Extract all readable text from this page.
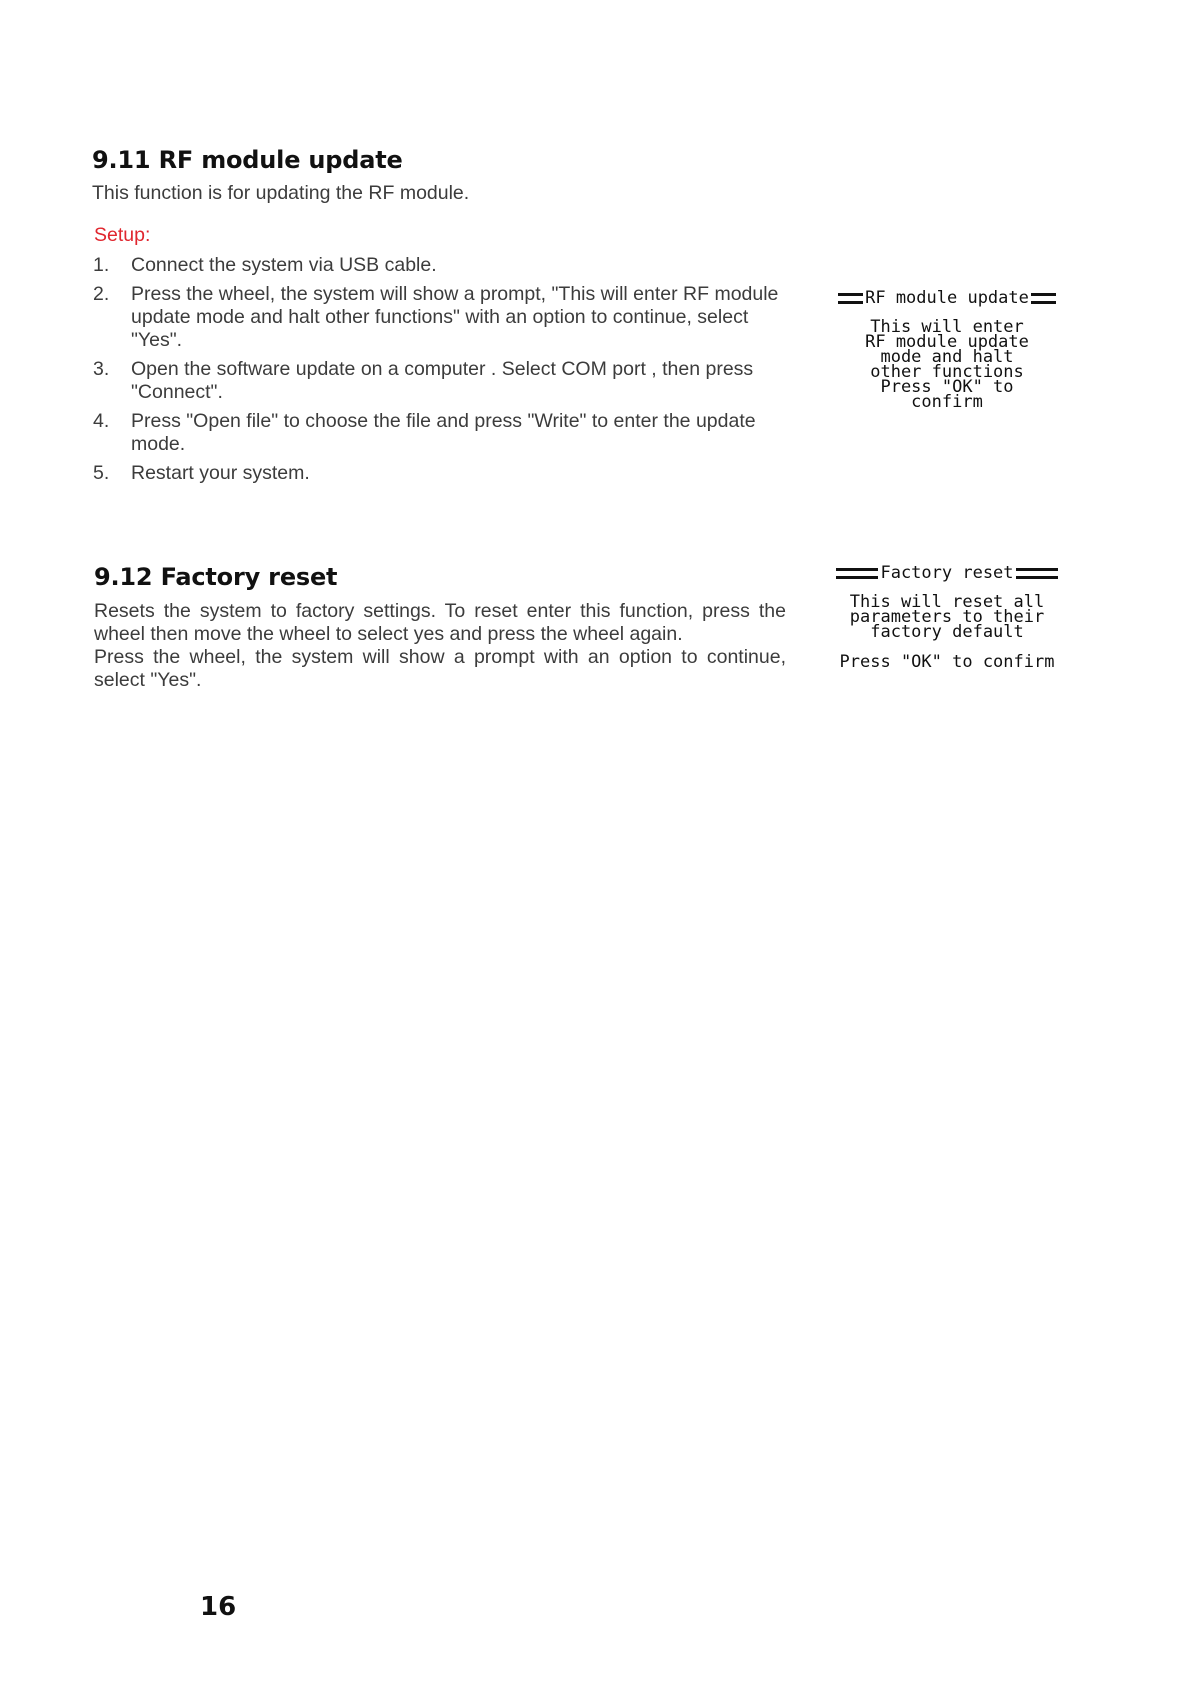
9.11 RF module update
This function is for updating the RF module.
Setup:
1. Connect the system via USB cable.
2. Press the wheel, the system will show a prompt, "This will enter RF module update mode and halt other functions" with an option to continue, select "Yes".
3. Open the software update on a computer . Select COM port , then press "Connect".
4. Press "Open file" to choose the file and press "Write" to enter the update mode.
5. Restart your system.
RF module update
This will enter
RF module update
mode and halt
other functions
Press "OK" to
confirm
9.12 Factory reset
Resets the system to factory settings. To reset enter this function, press the wheel then move the wheel to select yes and press the wheel again.
Press the wheel, the system will show a prompt with an option to continue, select "Yes".
Factory reset
This will reset all
parameters to their
factory default
Press "OK" to confirm
16
